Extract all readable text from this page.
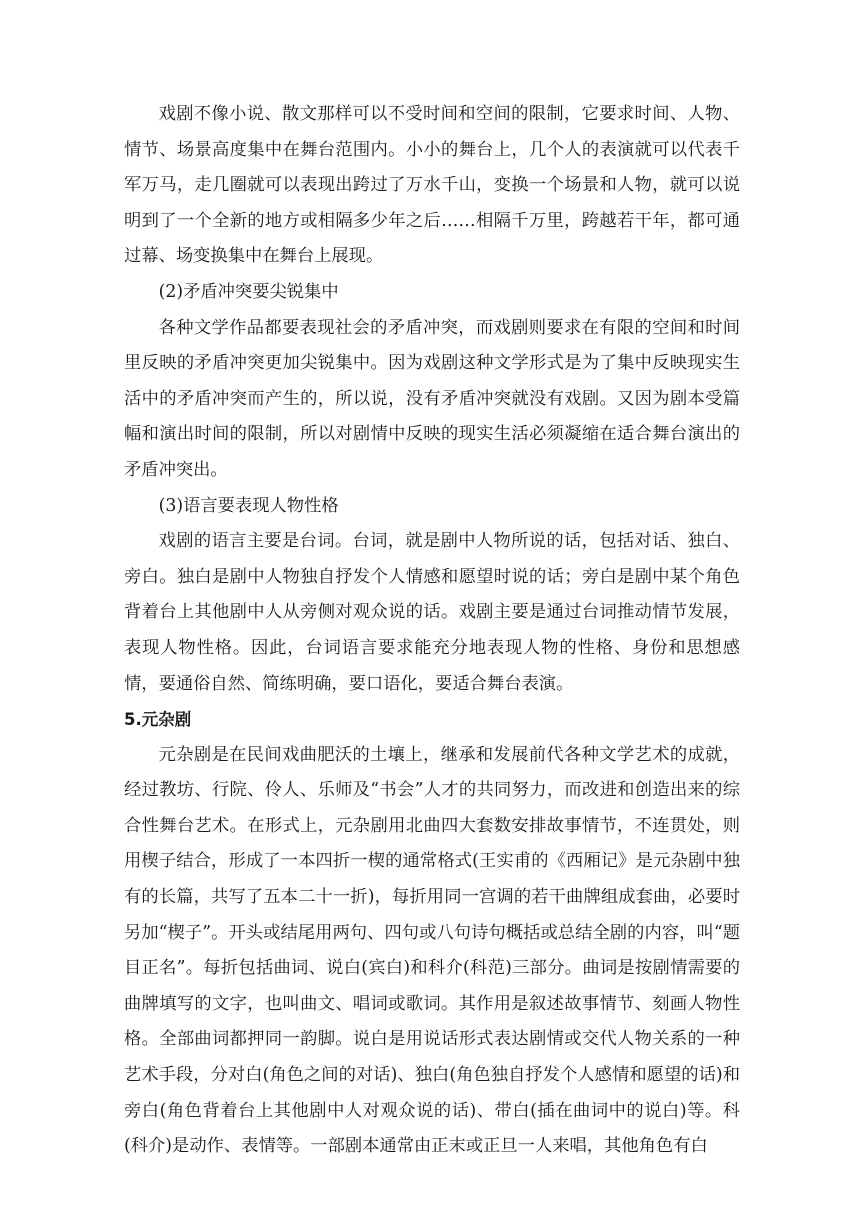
戏剧不像小说、散文那样可以不受时间和空间的限制，它要求时间、人物、情节、场景高度集中在舞台范围内。小小的舞台上，几个人的表演就可以代表千军万马，走几圈就可以表现出跨过了万水千山，变换一个场景和人物，就可以说明到了一个全新的地方或相隔多少年之后……相隔千万里，跨越若干年，都可通过幕、场变换集中在舞台上展现。

(2)矛盾冲突要尖锐集中

各种文学作品都要表现社会的矛盾冲突，而戏剧则要求在有限的空间和时间里反映的矛盾冲突更加尖锐集中。因为戏剧这种文学形式是为了集中反映现实生活中的矛盾冲突而产生的，所以说，没有矛盾冲突就没有戏剧。又因为剧本受篇幅和演出时间的限制，所以对剧情中反映的现实生活必须凝缩在适合舞台演出的矛盾冲突出。

(3)语言要表现人物性格

戏剧的语言主要是台词。台词，就是剧中人物所说的话，包括对话、独白、旁白。独白是剧中人物独自抒发个人情感和愿望时说的话；旁白是剧中某个角色背着台上其他剧中人从旁侧对观众说的话。戏剧主要是通过台词推动情节发展，表现人物性格。因此，台词语言要求能充分地表现人物的性格、身份和思想感情，要通俗自然、简练明确，要口语化，要适合舞台表演。

5.元杂剧

元杂剧是在民间戏曲肥沃的土壤上，继承和发展前代各种文学艺术的成就，经过教坊、行院、伶人、乐师及“书会”人才的共同努力，而改进和创造出来的综合性舞台艺术。在形式上，元杂剧用北曲四大套数安排故事情节，不连贯处，则用楔子结合，形成了一本四折一楔的通常格式(王实甫的《西厢记》是元杂剧中独有的长篇，共写了五本二十一折)，每折用同一宫调的若干曲牌组成套曲，必要时另加“楔子”。开头或结尾用两句、四句或八句诗句概括或总结全剧的内容，叫“题目正名”。每折包括曲词、说白(宾白)和科介(科范)三部分。曲词是按剧情需要的曲牌填写的文字，也叫曲文、唱词或歌词。其作用是叙述故事情节、刻画人物性格。全部曲词都押同一韵脚。说白是用说话形式表达剧情或交代人物关系的一种艺术手段，分对白(角色之间的对话)、独白(角色独自抒发个人感情和愿望的话)和旁白(角色背着台上其他剧中人对观众说的话)、带白(插在曲词中的说白)等。科(科介)是动作、表情等。一部剧本通常由正末或正旦一人来唱，其他角色有白
